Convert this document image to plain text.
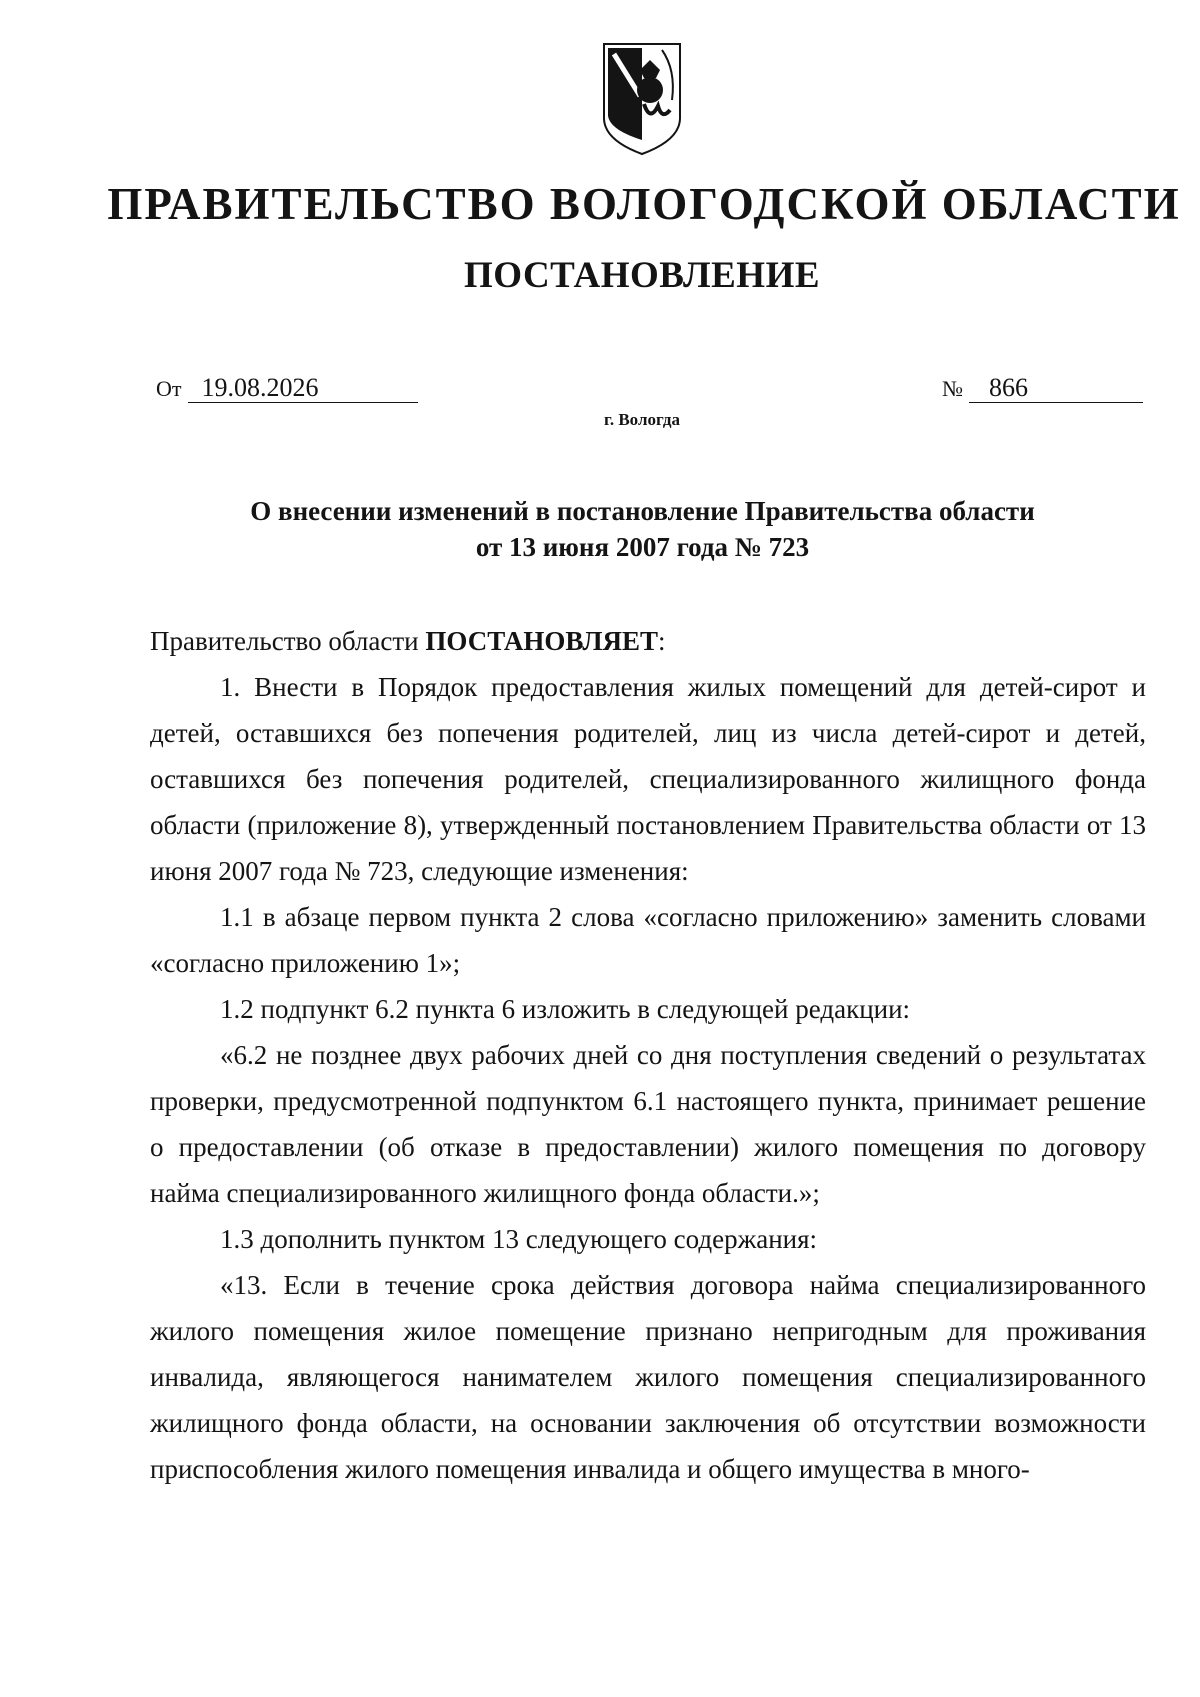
ПРАВИТЕЛЬСТВО ВОЛОГОДСКОЙ ОБЛАСТИ
ПОСТАНОВЛЕНИЕ
От 19.08.2026	№ 866
г. Вологда
О внесении изменений в постановление Правительства области
от 13 июня 2007 года № 723
Правительство области ПОСТАНОВЛЯЕТ:

1. Внести в Порядок предоставления жилых помещений для детей-сирот и детей, оставшихся без попечения родителей, лиц из числа детей-сирот и детей, оставшихся без попечения родителей, специализированного жилищного фонда области (приложение 8), утвержденный постановлением Правительства области от 13 июня 2007 года № 723, следующие изменения:

1.1 в абзаце первом пункта 2 слова «согласно приложению» заменить словами «согласно приложению 1»;

1.2 подпункт 6.2 пункта 6 изложить в следующей редакции:

«6.2 не позднее двух рабочих дней со дня поступления сведений о результатах проверки, предусмотренной подпунктом 6.1 настоящего пункта, принимает решение о предоставлении (об отказе в предоставлении) жилого помещения по договору найма специализированного жилищного фонда области.»;

1.3 дополнить пунктом 13 следующего содержания:

«13. Если в течение срока действия договора найма специализированного жилого помещения жилое помещение признано непригодным для проживания инвалида, являющегося нанимателем жилого помещения специализированного жилищного фонда области, на основании заключения об отсутствии возможности приспособления жилого помещения инвалида и общего имущества в много-
